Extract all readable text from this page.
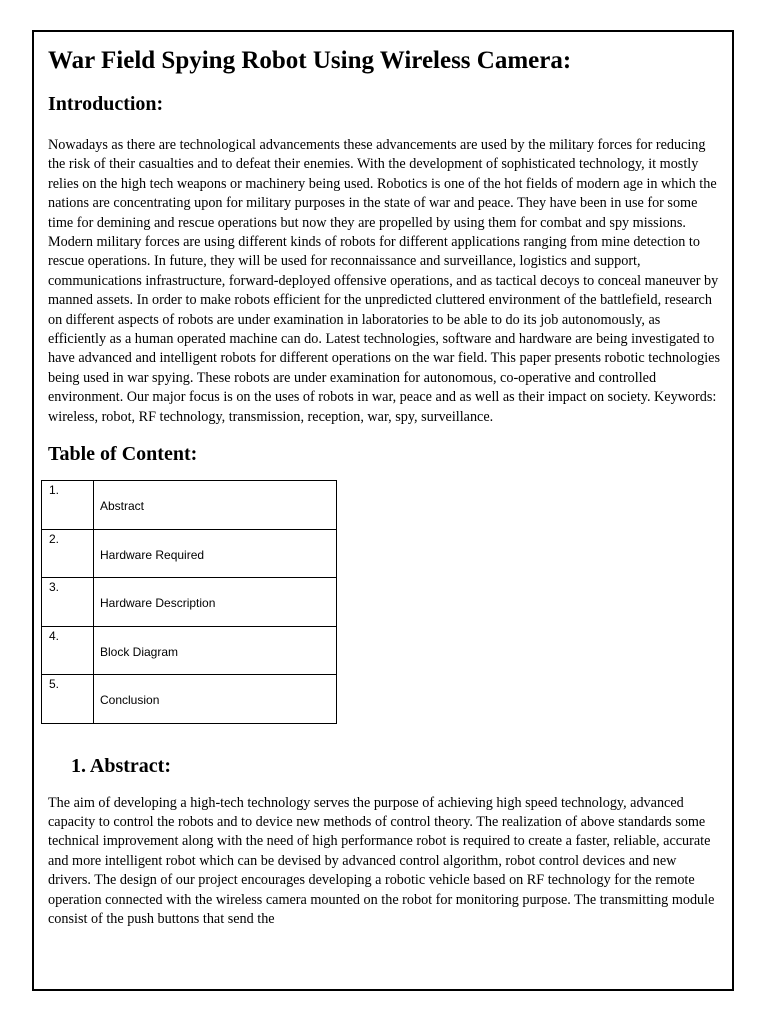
War Field Spying Robot Using Wireless Camera:
Introduction:

Nowadays as there are technological advancements these advancements are used by the military forces for reducing the risk of their casualties and to defeat their enemies. With the development of sophisticated technology, it mostly relies on the high tech weapons or machinery being used. Robotics is one of the hot fields of modern age in which the nations are concentrating upon for military purposes in the state of war and peace. They have been in use for some time for demining and rescue operations but now they are propelled by using them for combat and spy missions. Modern military forces are using different kinds of robots for different applications ranging from mine detection to rescue operations. In future, they will be used for reconnaissance and surveillance, logistics and support, communications infrastructure, forward-deployed offensive operations, and as tactical decoys to conceal maneuver by manned assets. In order to make robots efficient for the unpredicted cluttered environment of the battlefield, research on different aspects of robots are under examination in laboratories to be able to do its job autonomously, as efficiently as a human operated machine can do. Latest technologies, software and hardware are being investigated to have advanced and intelligent robots for different operations on the war field. This paper presents robotic technologies being used in war spying. These robots are under examination for autonomous, co-operative and controlled environment. Our major focus is on the uses of robots in war, peace and as well as their impact on society. Keywords: wireless, robot, RF technology, transmission, reception, war, spy, surveillance.

Table of Content:
1.	Abstract
2.	Hardware Required
3.	Hardware Description
4.	Block Diagram
5.	Conclusion
1. Abstract:

The aim of developing a high-tech technology serves the purpose of achieving high speed technology, advanced capacity to control the robots and to device new methods of control theory. The realization of above standards some technical improvement along with the need of high performance robot is required to create a faster, reliable, accurate and more intelligent robot which can be devised by advanced control algorithm, robot control devices and new drivers. The design of our project encourages developing a robotic vehicle based on RF technology for the remote operation connected with the wireless camera mounted on the robot for monitoring purpose. The transmitting module consist of the push buttons that send the
